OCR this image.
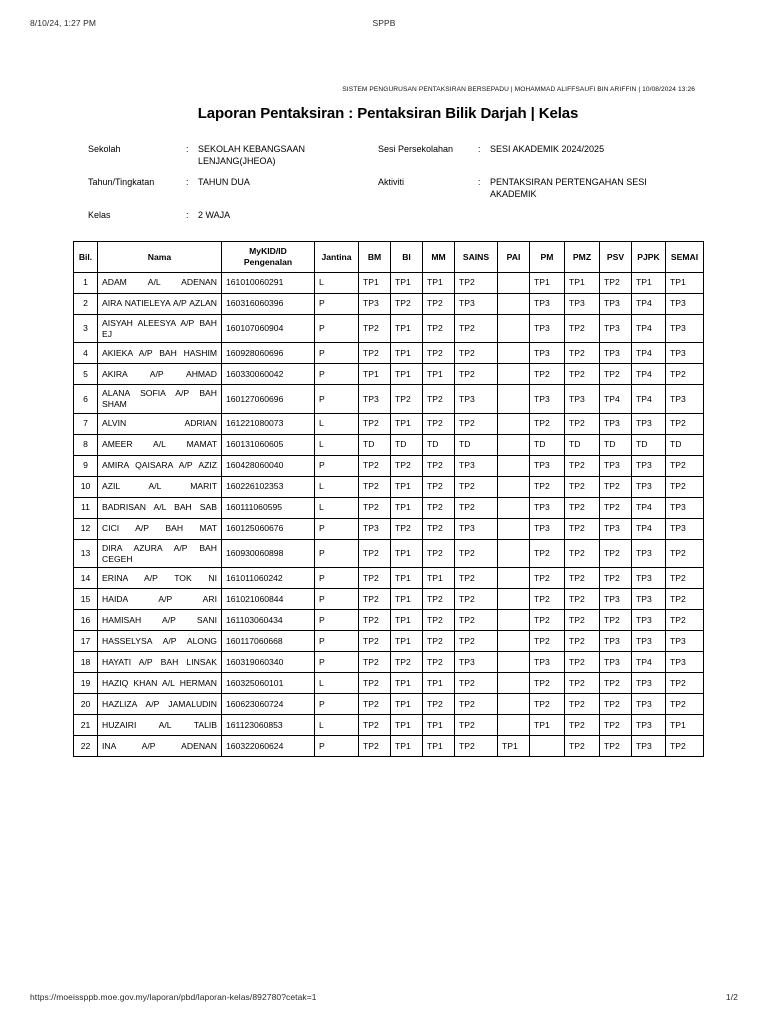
8/10/24, 1:27 PM	SPPB
SISTEM PENGURUSAN PENTAKSIRAN BERSEPADU | MOHAMMAD ALIFFSAUFI BIN ARIFFIN | 10/08/2024 13:26
Laporan Pentaksiran : Pentaksiran Bilik Darjah | Kelas
Sekolah	:	SEKOLAH KEBANGSAAN LENJANG(JHEOA)	Sesi Persekolahan	:	SESI AKADEMIK 2024/2025
Tahun/Tingkatan	:	TAHUN DUA	Aktiviti	:	PENTAKSIRAN PERTENGAHAN SESI AKADEMIK
Kelas	:	2 WAJA			
Bil.	Nama	MyKID/ID Pengenalan	Jantina	BM	BI	MM	SAINS	PAI	PM	PMZ	PSV	PJPK	SEMAI
1	ADAM A/L ADENAN	161010060291	L	TP1	TP1	TP1	TP2		TP1	TP1	TP2	TP1	TP1
2	AIRA NATIELEYA A/P AZLAN	160316060396	P	TP3	TP2	TP2	TP3		TP3	TP3	TP3	TP4	TP3
3	AISYAH ALEESYA A/P BAH EJ	160107060904	P	TP2	TP1	TP2	TP2		TP3	TP2	TP3	TP4	TP3
4	AKIEKA A/P BAH HASHIM	160928060696	P	TP2	TP1	TP2	TP2		TP3	TP2	TP3	TP4	TP3
5	AKIRA A/P AHMAD	160330060042	P	TP1	TP1	TP1	TP2		TP2	TP2	TP2	TP4	TP2
6	ALANA SOFIA A/P BAH SHAM	160127060696	P	TP3	TP2	TP2	TP3		TP3	TP3	TP4	TP4	TP3
7	ALVIN ADRIAN	161221080073	L	TP2	TP1	TP2	TP2		TP2	TP2	TP3	TP3	TP2
8	AMEER A/L MAMAT	160131060605	L	TD	TD	TD	TD		TD	TD	TD	TD	TD
9	AMIRA QAISARA A/P AZIZ	160428060040	P	TP2	TP2	TP2	TP3		TP3	TP2	TP3	TP3	TP2
10	AZIL A/L MARIT	160226102353	L	TP2	TP1	TP2	TP2		TP2	TP2	TP2	TP3	TP2
11	BADRISAN A/L BAH SAB	160111060595	L	TP2	TP1	TP2	TP2		TP3	TP2	TP2	TP4	TP3
12	CICI A/P BAH MAT	160125060676	P	TP3	TP2	TP2	TP3		TP3	TP2	TP3	TP4	TP3
13	DIRA AZURA A/P BAH CEGEH	160930060898	P	TP2	TP1	TP2	TP2		TP2	TP2	TP2	TP3	TP2
14	ERINA A/P TOK NI	161011060242	P	TP2	TP1	TP1	TP2		TP2	TP2	TP2	TP3	TP2
15	HAIDA A/P ARI	161021060844	P	TP2	TP1	TP2	TP2		TP2	TP2	TP3	TP3	TP2
16	HAMISAH A/P SANI	161103060434	P	TP2	TP1	TP2	TP2		TP2	TP2	TP2	TP3	TP2
17	HASSELYSA A/P ALONG	160117060668	P	TP2	TP1	TP2	TP2		TP2	TP2	TP3	TP3	TP3
18	HAYATI A/P BAH LINSAK	160319060340	P	TP2	TP2	TP2	TP3		TP3	TP2	TP3	TP4	TP3
19	HAZIQ KHAN A/L HERMAN	160325060101	L	TP2	TP1	TP1	TP2		TP2	TP2	TP2	TP3	TP2
20	HAZLIZA A/P JAMALUDIN	160623060724	P	TP2	TP1	TP2	TP2		TP2	TP2	TP2	TP3	TP2
21	HUZAIRI A/L TALIB	161123060853	L	TP2	TP1	TP1	TP2		TP1	TP2	TP2	TP3	TP1
22	INA A/P ADENAN	160322060624	P	TP2	TP1	TP1	TP2	TP1		TP2	TP2	TP3	TP2
https://moeissppb.moe.gov.my/laporan/pbd/laporan-kelas/892780?cetak=1	1/2
